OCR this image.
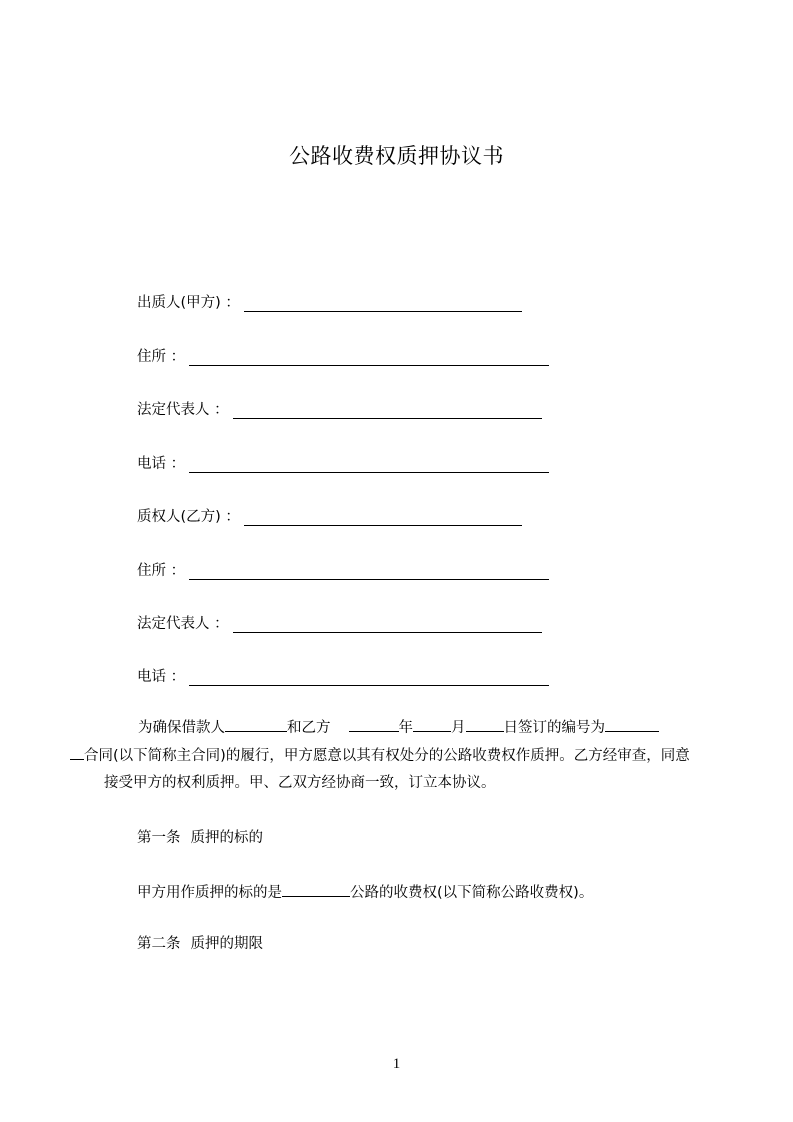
公路收费权质押协议书
出质人(甲方) ：
住所 ：
法定代表人 ：
电话 ：
质权人(乙方) ：
住所 ：
法定代表人 ：
电话 ：
为确保借款人	和乙方	年	月	日签订的编号为
合同(以下简称主合同)的履行，甲方愿意以其有权处分的公路收费权作质押。乙方经审查，同意接受甲方的权利质押。甲、乙双方经协商一致，订立本协议。
第一条 质押的标的
甲方用作质押的标的是	公路的收费权(以下简称公路收费权)。
第二条 质押的期限
1
